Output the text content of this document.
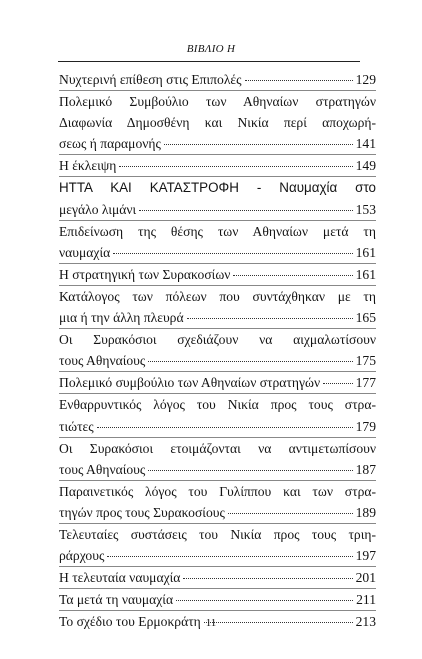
ΒΙΒΛΙΟ Η
Νυχτερινή επίθεση στις Επιπολές	129
Πολεμικό Συμβούλιο των Αθηναίων στρατηγών
Διαφωνία Δημοσθένη και Νικία περί αποχωρή-
σεως ή παραμονής	141
Η έκλειψη	149
ΗΤΤΑ ΚΑΙ ΚΑΤΑΣΤΡΟΦΗ - Ναυμαχία στο
μεγάλο λιμάνι	153
Επιδείνωση της θέσης των Αθηναίων μετά τη
ναυμαχία	161
Η στρατηγική των Συρακοσίων	161
Κατάλογος των πόλεων που συντάχθηκαν με τη
μια ή την άλλη πλευρά	165
Οι Συρακόσιοι σχεδιάζουν να αιχμαλωτίσουν
τους Αθηναίους	175
Πολεμικό συμβούλιο των Αθηναίων στρατηγών	177
Ενθαρρυντικός λόγος του Νικία προς τους στρα-
τιώτες	179
Οι Συρακόσιοι ετοιμάζονται να αντιμετωπίσουν
τους Αθηναίους	187
Παραινετικός λόγος του Γυλίππου και των στρα-
τηγών προς τους Συρακοσίους	189
Τελευταίες συστάσεις του Νικία προς τους τριη-
ράρχους	197
Η τελευταία ναυμαχία	201
Τα μετά τη ναυμαχία	211
Το σχέδιο του Ερμοκράτη	213
11
